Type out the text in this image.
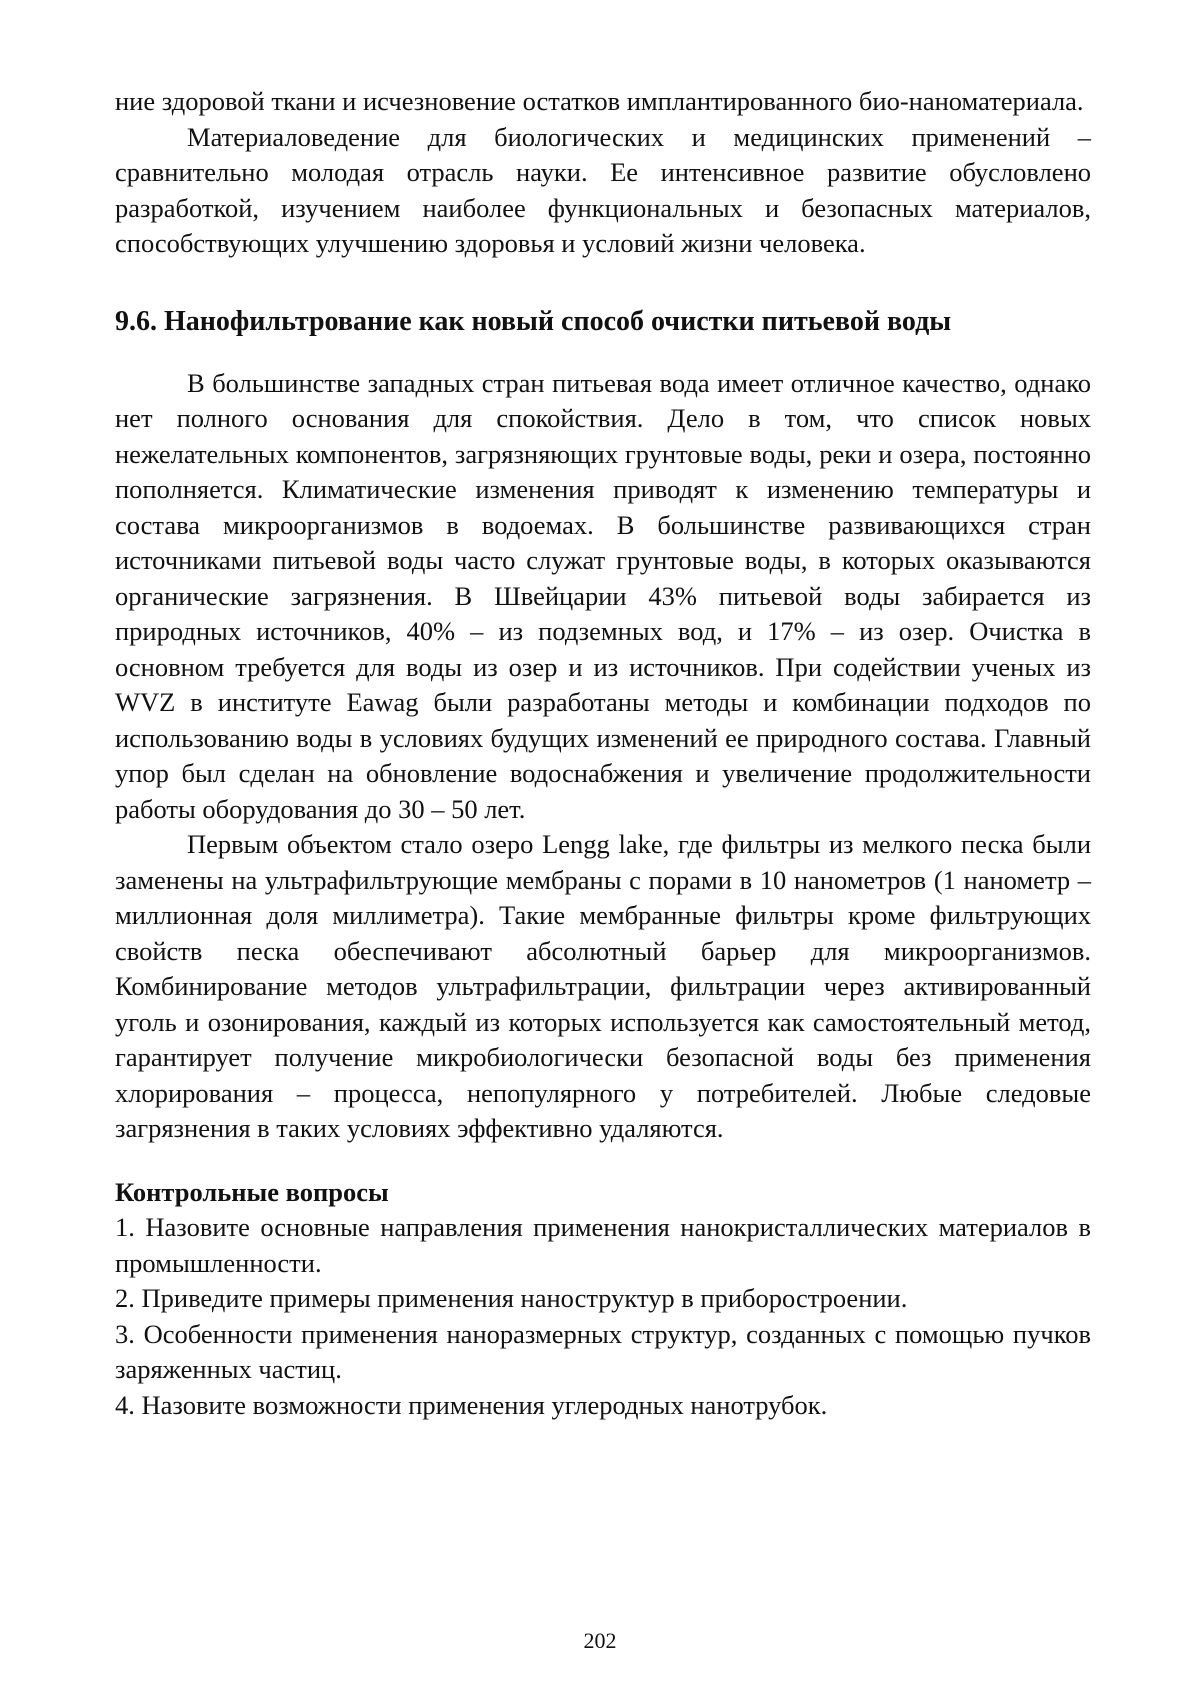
ние здоровой ткани и исчезновение остатков имплантированного био-наноматериала.

Материаловедение для биологических и медицинских применений – сравнительно молодая отрасль науки. Ее интенсивное развитие обусловлено разработкой, изучением наиболее функциональных и безопасных материалов, способствующих улучшению здоровья и условий жизни человека.

9.6. Нанофильтрование как новый способ очистки питьевой воды

В большинстве западных стран питьевая вода имеет отличное качество, однако нет полного основания для спокойствия. Дело в том, что список новых нежелательных компонентов, загрязняющих грунтовые воды, реки и озера, постоянно пополняется. Климатические изменения приводят к изменению температуры и состава микроорганизмов в водоемах. В большинстве развивающихся стран источниками питьевой воды часто служат грунтовые воды, в которых оказываются органические загрязнения. В Швейцарии 43% питьевой воды забирается из природных источников, 40% – из подземных вод, и 17% – из озер. Очистка в основном требуется для воды из озер и из источников. При содействии ученых из WVZ в институте Eawag были разработаны методы и комбинации подходов по использованию воды в условиях будущих изменений ее природного состава. Главный упор был сделан на обновление водоснабжения и увеличение продолжительности работы оборудования до 30 – 50 лет.

Первым объектом стало озеро Lengg lake, где фильтры из мелкого песка были заменены на ультрафильтрующие мембраны с порами в 10 нанометров (1 нанометр – миллионная доля миллиметра). Такие мембранные фильтры кроме фильтрующих свойств песка обеспечивают абсолютный барьер для микроорганизмов. Комбинирование методов ультрафильтрации, фильтрации через активированный уголь и озонирования, каждый из которых используется как самостоятельный метод, гарантирует получение микробиологически безопасной воды без применения хлорирования – процесса, непопулярного у потребителей. Любые следовые загрязнения в таких условиях эффективно удаляются.

Контрольные вопросы

1. Назовите основные направления применения нанокристаллических материалов в промышленности.

2. Приведите примеры применения наноструктур в приборостроении.

3. Особенности применения наноразмерных структур, созданных с помощью пучков заряженных частиц.

4. Назовите возможности применения углеродных нанотрубок.

202
